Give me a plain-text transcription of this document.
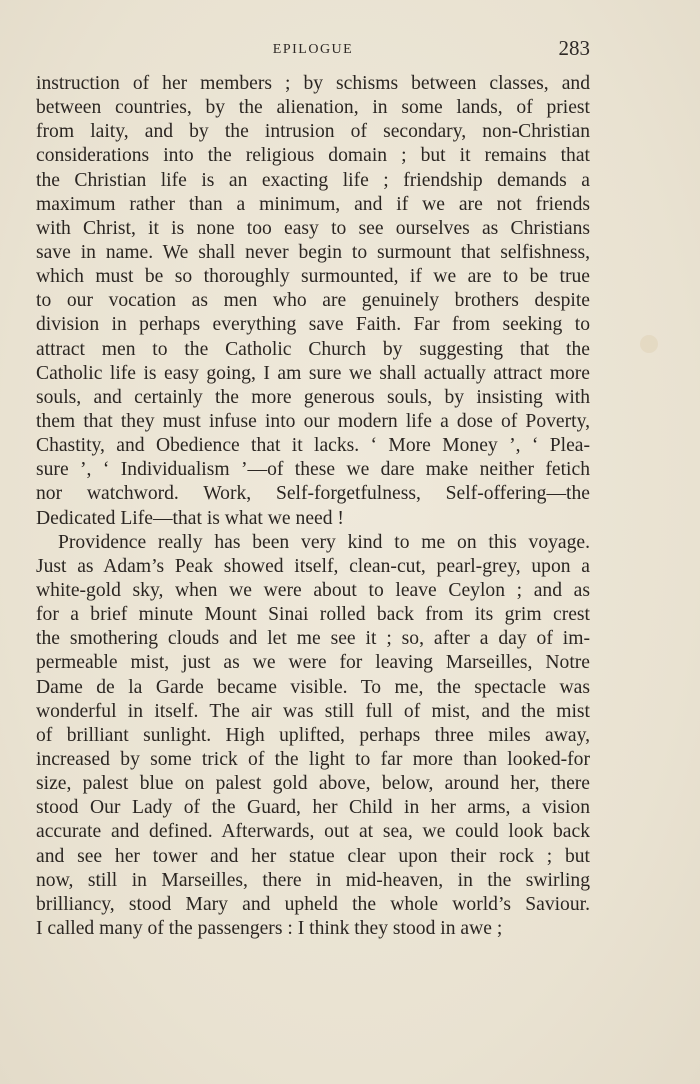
EPILOGUE	283
instruction of her members ; by schisms between classes, and
between countries, by the alienation, in some lands, of priest
from laity, and by the intrusion of secondary, non-Christian
considerations into the religious domain ; but it remains that
the Christian life is an exacting life ; friendship demands a
maximum rather than a minimum, and if we are not friends
with Christ, it is none too easy to see ourselves as Christians
save in name. We shall never begin to surmount that selfishness,
which must be so thoroughly surmounted, if we are to be true
to our vocation as men who are genuinely brothers despite
division in perhaps everything save Faith. Far from seeking to
attract men to the Catholic Church by suggesting that the
Catholic life is easy going, I am sure we shall actually attract more
souls, and certainly the more generous souls, by insisting with
them that they must infuse into our modern life a dose of Poverty,
Chastity, and Obedience that it lacks. ‘ More Money ’, ‘ Plea-
sure ’, ‘ Individualism ’—of these we dare make neither fetich
nor watchword. Work, Self-forgetfulness, Self-offering—the
Dedicated Life—that is what we need !
Providence really has been very kind to me on this voyage.
Just as Adam’s Peak showed itself, clean-cut, pearl-grey, upon a
white-gold sky, when we were about to leave Ceylon ; and as
for a brief minute Mount Sinai rolled back from its grim crest
the smothering clouds and let me see it ; so, after a day of im-
permeable mist, just as we were for leaving Marseilles, Notre
Dame de la Garde became visible. To me, the spectacle was
wonderful in itself. The air was still full of mist, and the mist
of brilliant sunlight. High uplifted, perhaps three miles away,
increased by some trick of the light to far more than looked-for
size, palest blue on palest gold above, below, around her, there
stood Our Lady of the Guard, her Child in her arms, a vision
accurate and defined. Afterwards, out at sea, we could look back
and see her tower and her statue clear upon their rock ; but
now, still in Marseilles, there in mid-heaven, in the swirling
brilliancy, stood Mary and upheld the whole world’s Saviour.
I called many of the passengers : I think they stood in awe ;
